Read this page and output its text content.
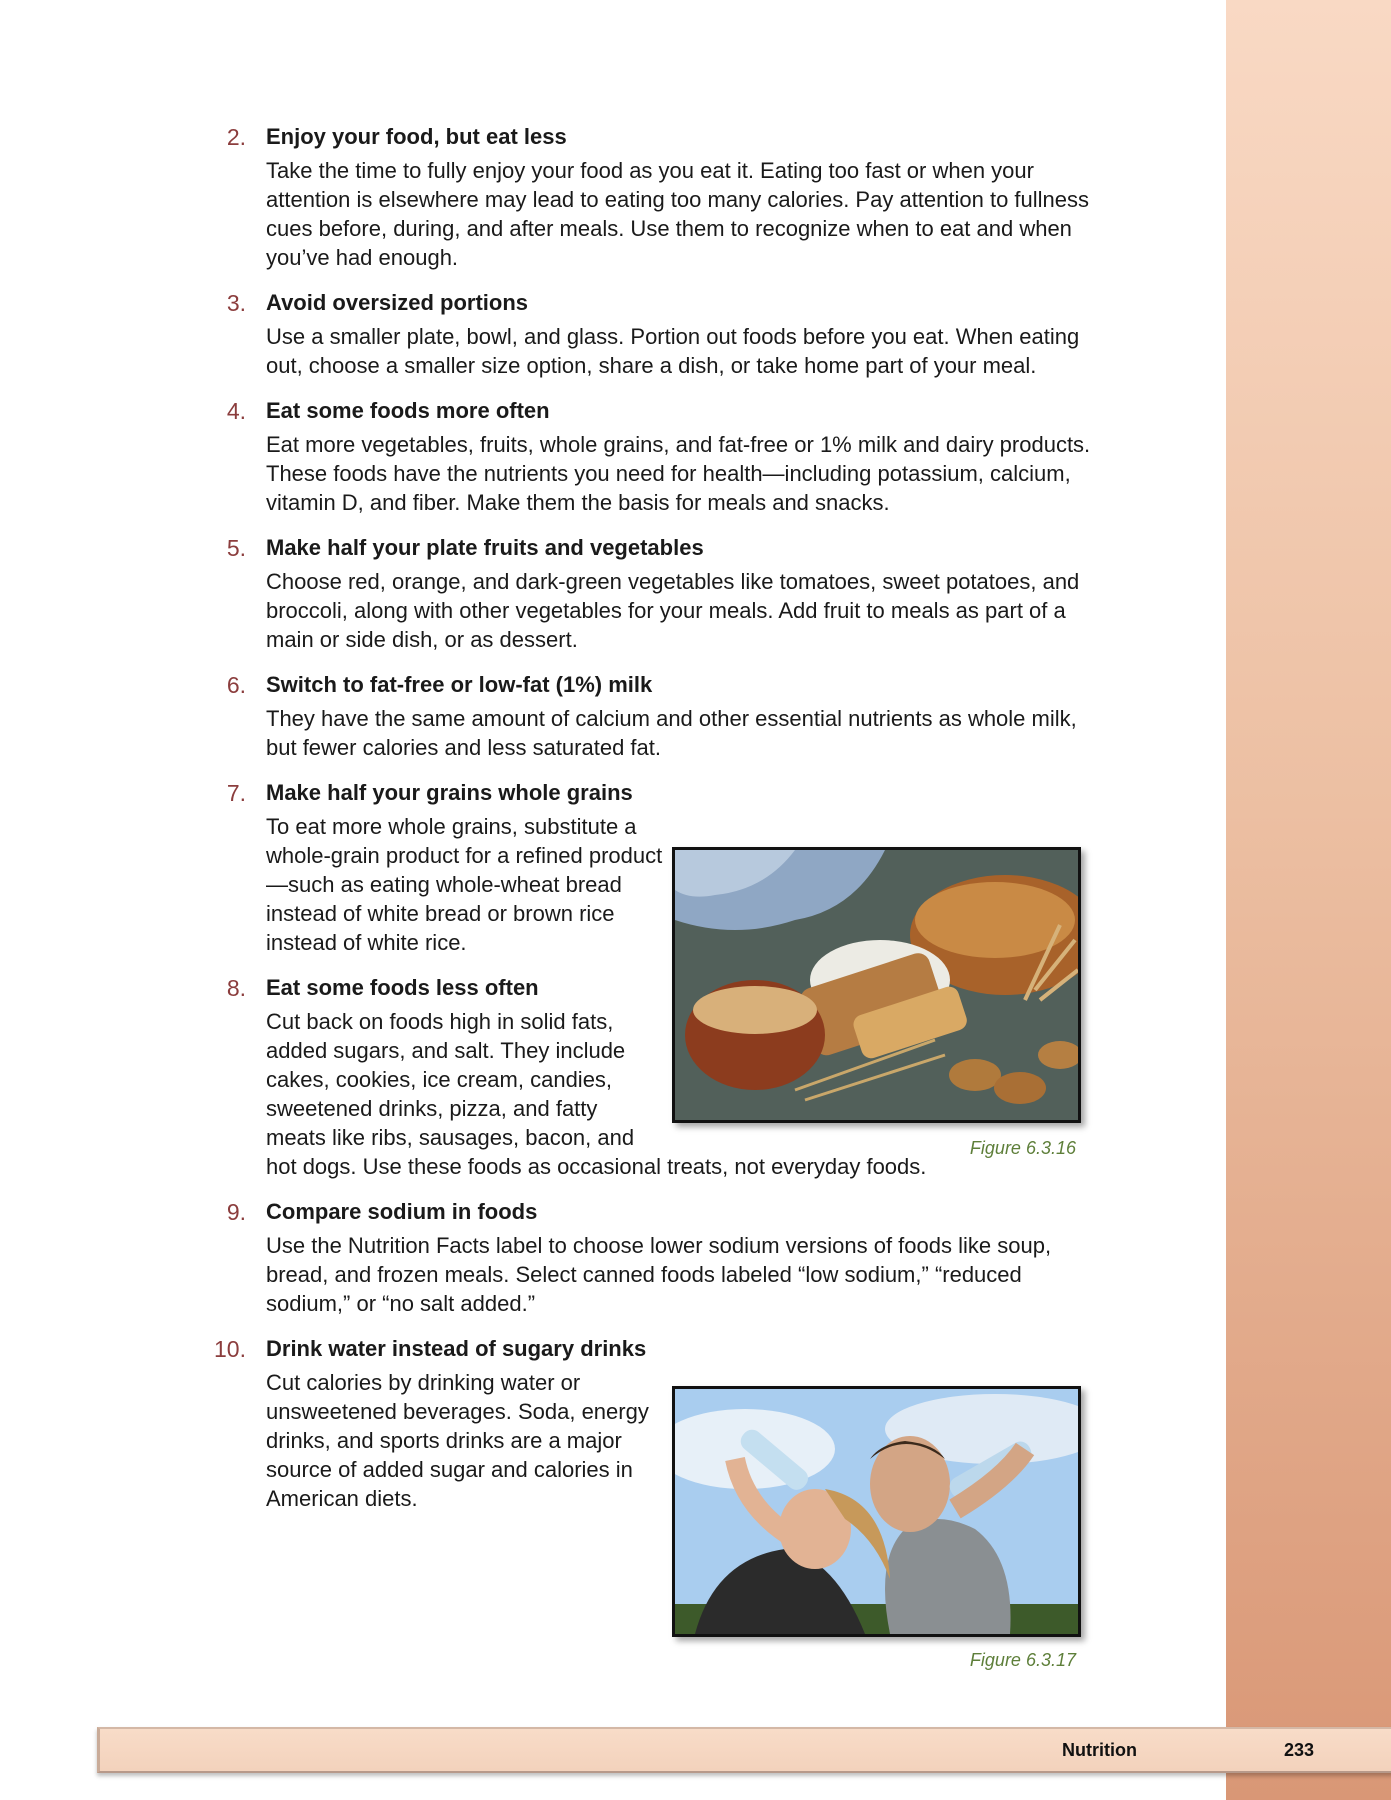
2. Enjoy your food, but eat less

Take the time to fully enjoy your food as you eat it. Eating too fast or when your attention is elsewhere may lead to eating too many calories. Pay attention to fullness cues before, during, and after meals. Use them to recognize when to eat and when you’ve had enough.

3. Avoid oversized portions

Use a smaller plate, bowl, and glass. Portion out foods before you eat. When eating out, choose a smaller size option, share a dish, or take home part of your meal.

4. Eat some foods more often

Eat more vegetables, fruits, whole grains, and fat-free or 1% milk and dairy products. These foods have the nutrients you need for health—including potassium, calcium, vitamin D, and fiber. Make them the basis for meals and snacks.

5. Make half your plate fruits and vegetables

Choose red, orange, and dark-green vegetables like tomatoes, sweet potatoes, and broccoli, along with other vegetables for your meals. Add fruit to meals as part of a main or side dish, or as dessert.

6. Switch to fat-free or low-fat (1%) milk

They have the same amount of calcium and other essential nutrients as whole milk, but fewer calories and less saturated fat.

7. Make half your grains whole grains

To eat more whole grains, substitute a whole-grain product for a refined product—such as eating whole-wheat bread instead of white bread or brown rice instead of white rice.

8. Eat some foods less often

Cut back on foods high in solid fats, added sugars, and salt. They include cakes, cookies, ice cream, candies, sweetened drinks, pizza, and fatty meats like ribs, sausages, bacon, and hot dogs. Use these foods as occasional treats, not everyday foods.

9. Compare sodium in foods

Use the Nutrition Facts label to choose lower sodium versions of foods like soup, bread, and frozen meals. Select canned foods labeled “low sodium,” “reduced sodium,” or “no salt added.”

10. Drink water instead of sugary drinks

Cut calories by drinking water or unsweetened beverages. Soda, energy drinks, and sports drinks are a major source of added sugar and calories in American diets.

Figure 6.3.16
Figure 6.3.17
Nutrition	233
